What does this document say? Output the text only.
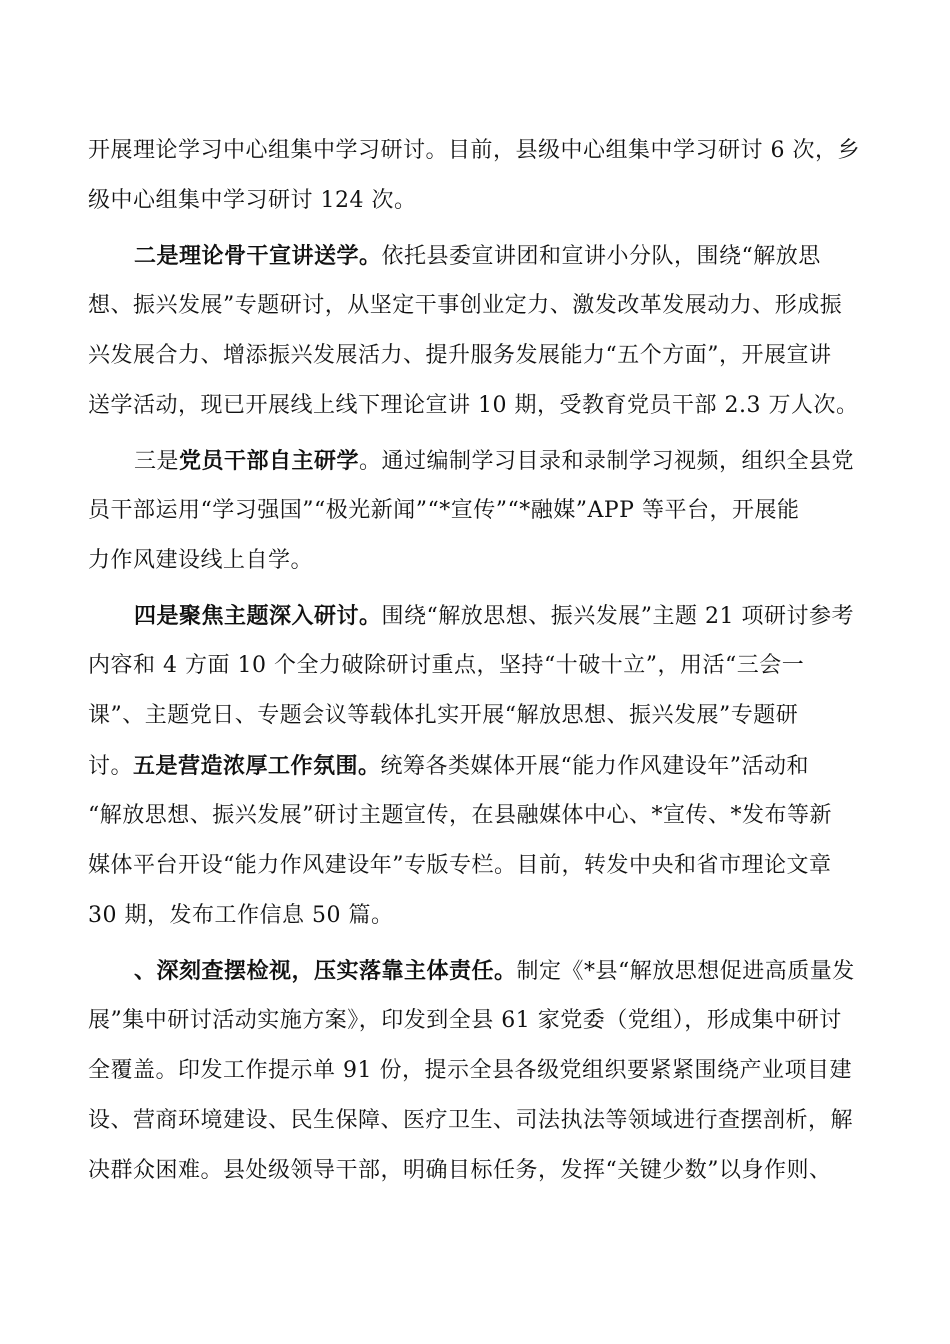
开展理论学习中心组集中学习研讨。目前，县级中心组集中学习研讨 6 次，乡
级中心组集中学习研讨 124 次。
二是理论骨干宣讲送学。依托县委宣讲团和宣讲小分队，围绕“解放思
想、振兴发展”专题研讨，从坚定干事创业定力、激发改革发展动力、形成振
兴发展合力、增添振兴发展活力、提升服务发展能力“五个方面”，开展宣讲
送学活动，现已开展线上线下理论宣讲 10 期，受教育党员干部 2.3 万人次。
三是党员干部自主研学。通过编制学习目录和录制学习视频，组织全县党
员干部运用“学习强国”“极光新闻”“*宣传”“*融媒”APP 等平台，开展能
力作风建设线上自学。
四是聚焦主题深入研讨。围绕“解放思想、振兴发展”主题 21 项研讨参考
内容和 4 方面 10 个全力破除研讨重点，坚持“十破十立”，用活“三会一
课”、主题党日、专题会议等载体扎实开展“解放思想、振兴发展”专题研
讨。五是营造浓厚工作氛围。统筹各类媒体开展“能力作风建设年”活动和
“解放思想、振兴发展”研讨主题宣传，在县融媒体中心、*宣传、*发布等新
媒体平台开设“能力作风建设年”专版专栏。目前，转发中央和省市理论文章
30 期，发布工作信息 50 篇。
、深刻查摆检视，压实落靠主体责任。制定《*县“解放思想促进高质量发
展”集中研讨活动实施方案》，印发到全县 61 家党委（党组），形成集中研讨
全覆盖。印发工作提示单 91 份，提示全县各级党组织要紧紧围绕产业项目建
设、营商环境建设、民生保障、医疗卫生、司法执法等领域进行查摆剖析，解
决群众困难。县处级领导干部，明确目标任务，发挥“关键少数”以身作则、
